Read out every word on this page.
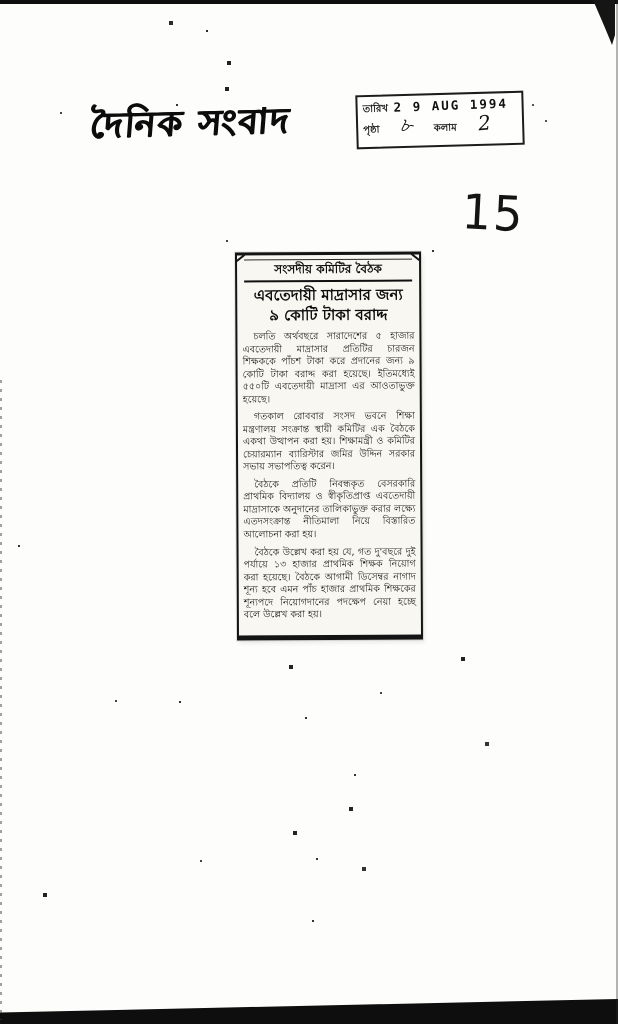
দৈনিক সংবাদ	তারিখ 2 9 AUG 1994
পৃষ্ঠা ৮ কলাম 2
15
সংসদীয় কমিটির বৈঠক
এবতেদায়ী মাদ্রাসার জন্য
৯ কোটি টাকা বরাদ্দ

চলতি অর্থবছরে সারাদেশের ৫ হাজার এবতেদায়ী মাদ্রাসার প্রতিটির চারজন শিক্ষককে পাঁচশ টাকা করে প্রদানের জন্য ৯ কোটি টাকা বরাদ্দ করা হয়েছে। ইতিমধ্যেই ৫৫০টি এবতেদায়ী মাদ্রাসা এর আওতাভুক্ত হয়েছে।

গতকাল রোববার সংসদ ভবনে শিক্ষা মন্ত্রণালয় সংক্রান্ত স্থায়ী কমিটির এক বৈঠকে একথা উত্থাপন করা হয়। শিক্ষামন্ত্রী ও কমিটির চেয়ারম্যান ব্যারিস্টার জমির উদ্দিন সরকার সভায় সভাপতিত্ব করেন।

বৈঠকে প্রতিটি নিবন্ধকৃত বেসরকারি প্রাথমিক বিদ্যালয় ও স্বীকৃতিপ্রাপ্ত এবতেদায়ী মাদ্রাসাকে অনুদানের তালিকাভুক্ত করার লক্ষ্যে এতদসংক্রান্ত নীতিমালা নিয়ে বিস্তারিত আলোচনা করা হয়।

বৈঠকে উল্লেখ করা হয় যে, গত দু'বছরে দুই পর্যায়ে ১৩ হাজার প্রাথমিক শিক্ষক নিয়োগ করা হয়েছে। বৈঠকে আগামী ডিসেম্বর নাগাদ শূন্য হবে এমন পাঁচ হাজার প্রাথমিক শিক্ষকের শূন্যপদে নিয়োগদানের পদক্ষেপ নেয়া হচ্ছে বলে উল্লেখ করা হয়।
